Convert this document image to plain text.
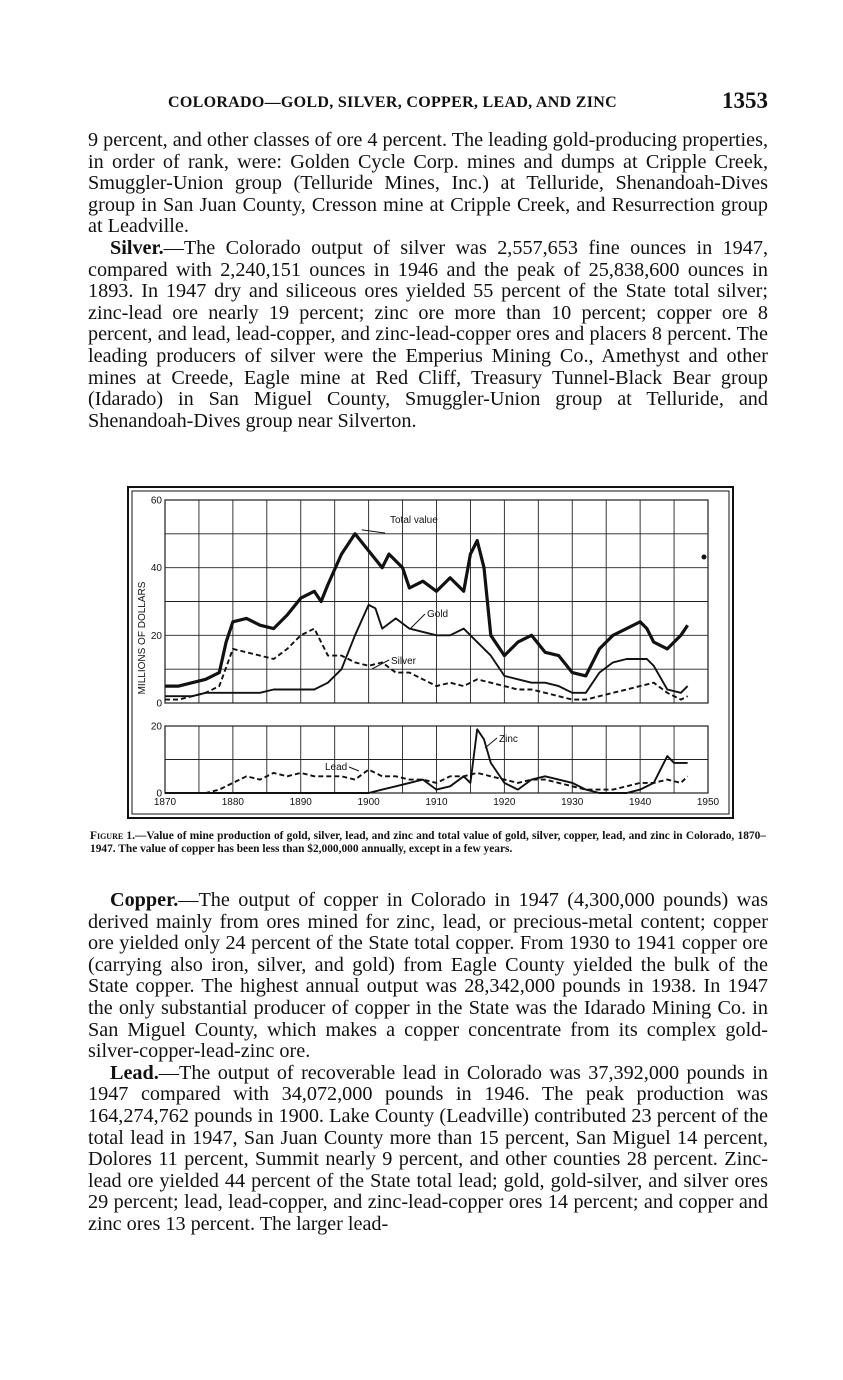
COLORADO—GOLD, SILVER, COPPER, LEAD, AND ZINC	1353

9 percent, and other classes of ore 4 percent. The leading gold-producing properties, in order of rank, were: Golden Cycle Corp. mines and dumps at Cripple Creek, Smuggler-Union group (Telluride Mines, Inc.) at Telluride, Shenandoah-Dives group in San Juan County, Cresson mine at Cripple Creek, and Resurrection group at Leadville.

Silver.—The Colorado output of silver was 2,557,653 fine ounces in 1947, compared with 2,240,151 ounces in 1946 and the peak of 25,838,600 ounces in 1893. In 1947 dry and siliceous ores yielded 55 percent of the State total silver; zinc-lead ore nearly 19 percent; zinc ore more than 10 percent; copper ore 8 percent, and lead, lead-copper, and zinc-lead-copper ores and placers 8 percent. The leading producers of silver were the Emperius Mining Co., Amethyst and other mines at Creede, Eagle mine at Red Cliff, Treasury Tunnel-Black Bear group (Idarado) in San Miguel County, Smuggler-Union group at Telluride, and Shenandoah-Dives group near Silverton.

0
20
40
60
Total value
Gold
Silver
0
20
1870	1880	1890	1900	1910	1920	1930	1940	1950
Zinc
Lead
MILLIONS OF DOLLARS
Figure 1.—Value of mine production of gold, silver, lead, and zinc and total value of gold, silver, copper, lead, and zinc in Colorado, 1870–1947. The value of copper has been less than $2,000,000 annually, except in a few years.

Copper.—The output of copper in Colorado in 1947 (4,300,000 pounds) was derived mainly from ores mined for zinc, lead, or precious-metal content; copper ore yielded only 24 percent of the State total copper. From 1930 to 1941 copper ore (carrying also iron, silver, and gold) from Eagle County yielded the bulk of the State copper. The highest annual output was 28,342,000 pounds in 1938. In 1947 the only substantial producer of copper in the State was the Idarado Mining Co. in San Miguel County, which makes a copper concentrate from its complex gold-silver-copper-lead-zinc ore.

Lead.—The output of recoverable lead in Colorado was 37,392,000 pounds in 1947 compared with 34,072,000 pounds in 1946. The peak production was 164,274,762 pounds in 1900. Lake County (Leadville) contributed 23 percent of the total lead in 1947, San Juan County more than 15 percent, San Miguel 14 percent, Dolores 11 percent, Summit nearly 9 percent, and other counties 28 percent. Zinc-lead ore yielded 44 percent of the State total lead; gold, gold-silver, and silver ores 29 percent; lead, lead-copper, and zinc-lead-copper ores 14 percent; and copper and zinc ores 13 percent. The larger lead-
